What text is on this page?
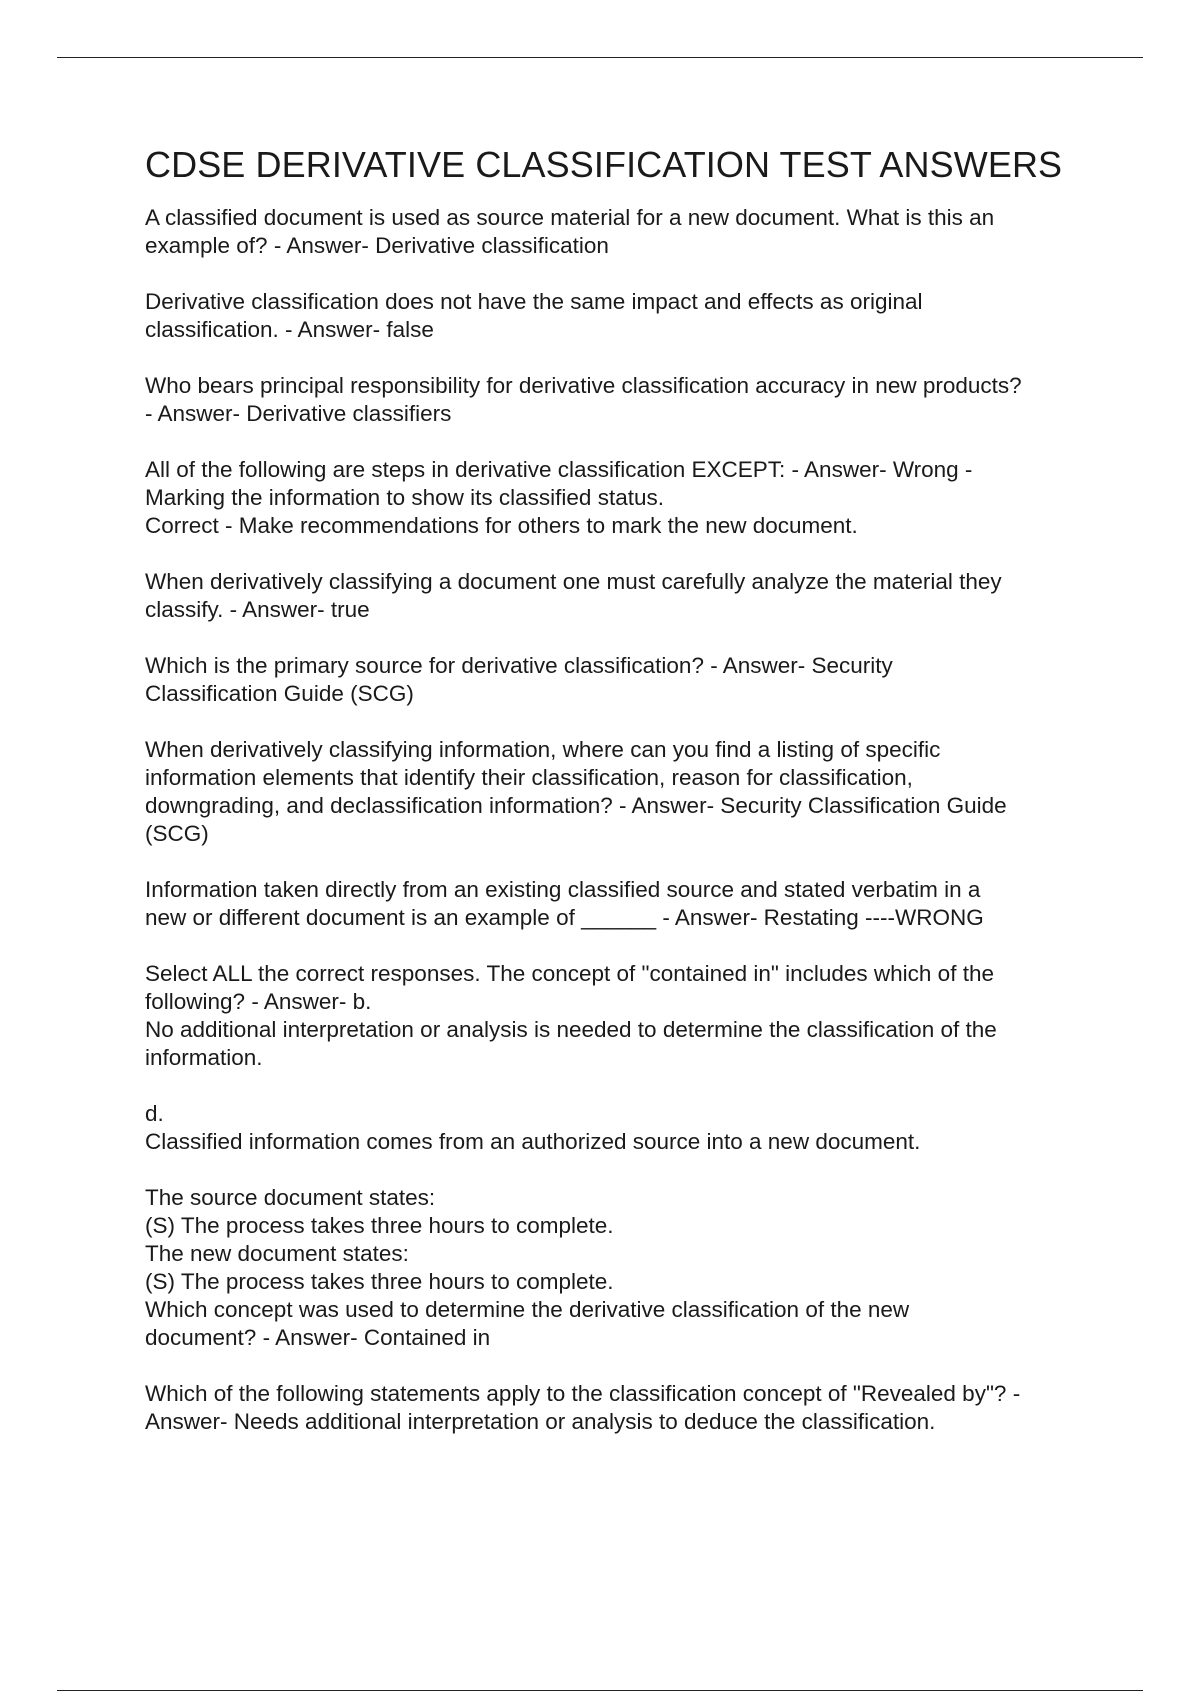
CDSE DERIVATIVE CLASSIFICATION TEST ANSWERS
A classified document is used as source material for a new document. What is this an
example of? - Answer- Derivative classification
Derivative classification does not have the same impact and effects as original
classification. - Answer- false
Who bears principal responsibility for derivative classification accuracy in new products?
- Answer- Derivative classifiers
All of the following are steps in derivative classification EXCEPT: - Answer- Wrong -
Marking the information to show its classified status.
Correct - Make recommendations for others to mark the new document.
When derivatively classifying a document one must carefully analyze the material they
classify. - Answer- true
Which is the primary source for derivative classification? - Answer- Security
Classification Guide (SCG)
When derivatively classifying information, where can you find a listing of specific
information elements that identify their classification, reason for classification,
downgrading, and declassification information? - Answer- Security Classification Guide
(SCG)
Information taken directly from an existing classified source and stated verbatim in a
new or different document is an example of ______ - Answer- Restating ----WRONG
Select ALL the correct responses. The concept of "contained in" includes which of the
following? - Answer- b.
No additional interpretation or analysis is needed to determine the classification of the
information.
d.
Classified information comes from an authorized source into a new document.
The source document states:
(S) The process takes three hours to complete.
The new document states:
(S) The process takes three hours to complete.
Which concept was used to determine the derivative classification of the new
document? - Answer- Contained in
Which of the following statements apply to the classification concept of "Revealed by"? -
Answer- Needs additional interpretation or analysis to deduce the classification.
